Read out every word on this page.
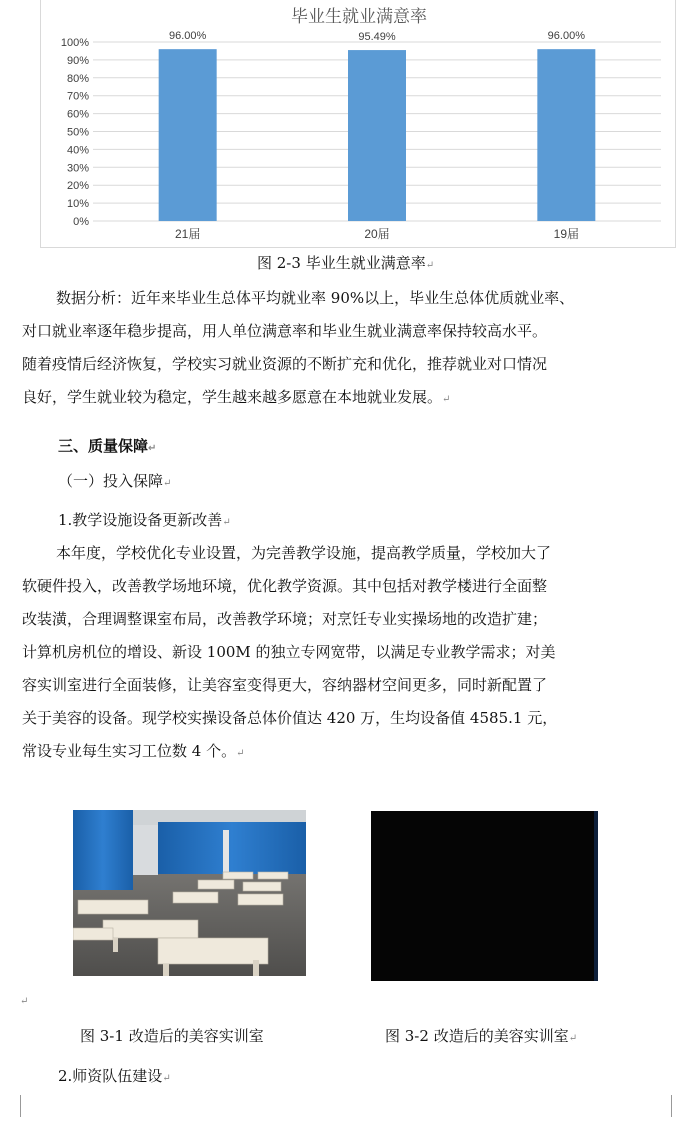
毕业生就业满意率
0%
10%
20%
30%
40%
50%
60%
70%
80%
90%
100%
96.00%
21届
95.49%
20届
96.00%
19届
图 2-3 毕业生就业满意率↵
数据分析：近年来毕业生总体平均就业率 90%以上，毕业生总体优质就业率、
对口就业率逐年稳步提高，用人单位满意率和毕业生就业满意率保持较高水平。
随着疫情后经济恢复，学校实习就业资源的不断扩充和优化，推荐就业对口情况
良好，学生就业较为稳定，学生越来越多愿意在本地就业发展。↵
三、质量保障↵
（一）投入保障↵
1.教学设施设备更新改善↵
本年度，学校优化专业设置，为完善教学设施，提高教学质量，学校加大了
软硬件投入，改善教学场地环境，优化教学资源。其中包括对教学楼进行全面整
改装潢，合理调整课室布局，改善教学环境；对烹饪专业实操场地的改造扩建；
计算机房机位的增设、新设 100M 的独立专网宽带，以满足专业教学需求；对美
容实训室进行全面装修，让美容室变得更大，容纳器材空间更多，同时新配置了
关于美容的设备。现学校实操设备总体价值达 420 万，生均设备值 4585.1 元，
常设专业每生实习工位数 4 个。↵
↵
图 3-1 改造后的美容实训室	图 3-2 改造后的美容实训室↵
2.师资队伍建设↵
